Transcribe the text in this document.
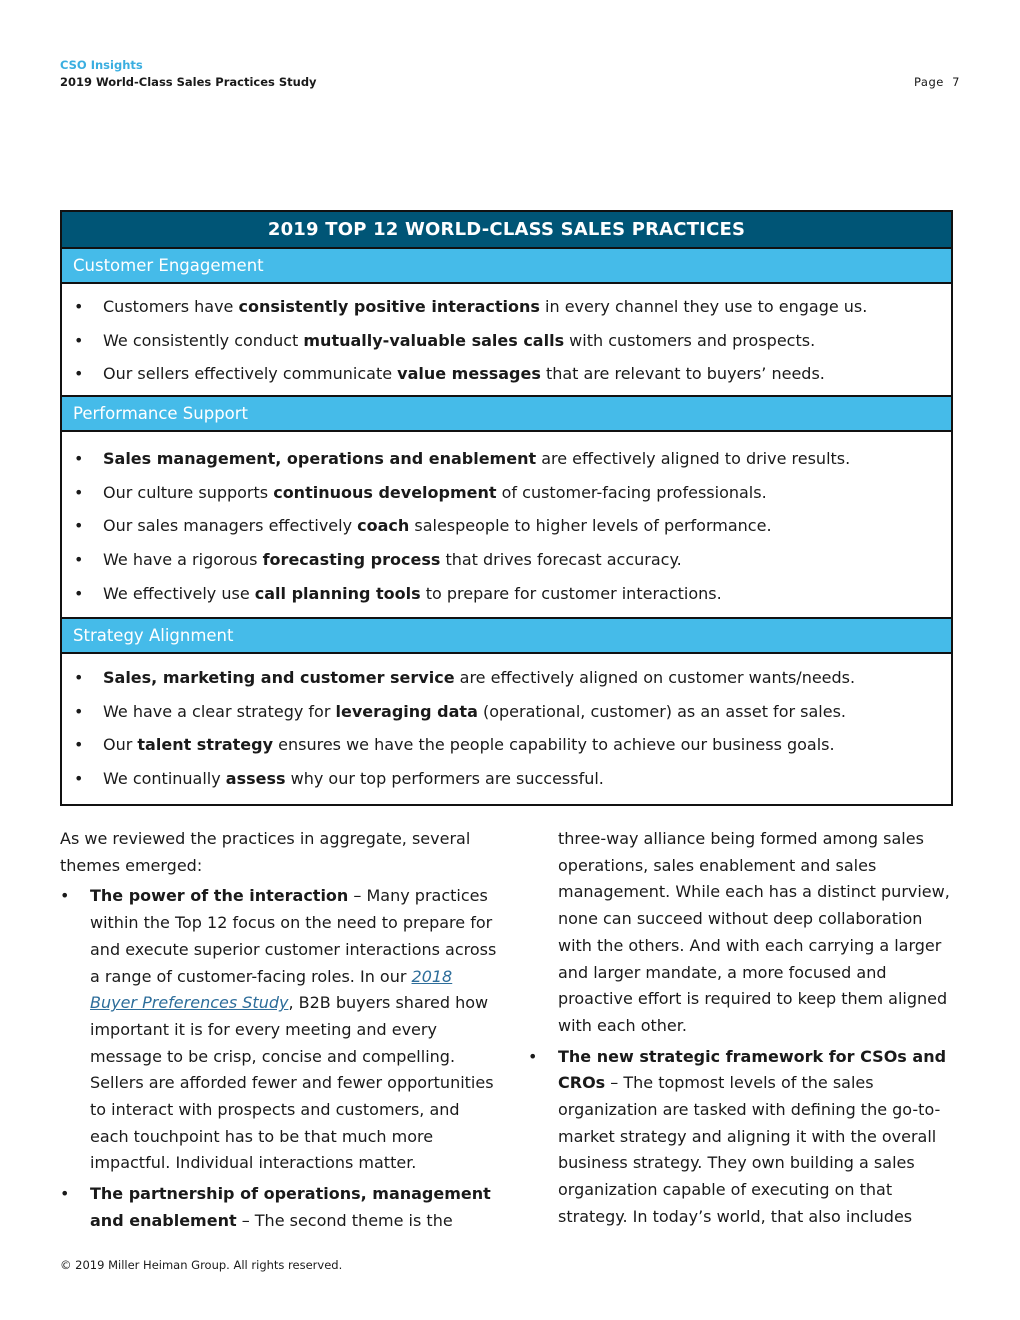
CSO Insights
2019 World-Class Sales Practices Study	Page 7
2019 TOP 12 WORLD-CLASS SALES PRACTICES
Customer Engagement
• Customers have consistently positive interactions in every channel they use to engage us.
• We consistently conduct mutually-valuable sales calls with customers and prospects.
• Our sellers effectively communicate value messages that are relevant to buyers’ needs.
Performance Support
• Sales management, operations and enablement are effectively aligned to drive results.
• Our culture supports continuous development of customer-facing professionals.
• Our sales managers effectively coach salespeople to higher levels of performance.
• We have a rigorous forecasting process that drives forecast accuracy.
• We effectively use call planning tools to prepare for customer interactions.
Strategy Alignment
• Sales, marketing and customer service are effectively aligned on customer wants/needs.
• We have a clear strategy for leveraging data (operational, customer) as an asset for sales.
• Our talent strategy ensures we have the people capability to achieve our business goals.
• We continually assess why our top performers are successful.

As we reviewed the practices in aggregate, several themes emerged:

• The power of the interaction – Many practices within the Top 12 focus on the need to prepare for and execute superior customer interactions across a range of customer-facing roles. In our 2018 Buyer Preferences Study, B2B buyers shared how important it is for every meeting and every message to be crisp, concise and compelling. Sellers are afforded fewer and fewer opportunities to interact with prospects and customers, and each touchpoint has to be that much more impactful. Individual interactions matter.
• The partnership of operations, management and enablement – The second theme is the

three-way alliance being formed among sales operations, sales enablement and sales management. While each has a distinct purview, none can succeed without deep collaboration with the others. And with each carrying a larger and larger mandate, a more focused and proactive effort is required to keep them aligned with each other.

• The new strategic framework for CSOs and CROs – The topmost levels of the sales organization are tasked with defining the go-to-market strategy and aligning it with the overall business strategy. They own building a sales organization capable of executing on that strategy. In today’s world, that also includes
© 2019 Miller Heiman Group. All rights reserved.
